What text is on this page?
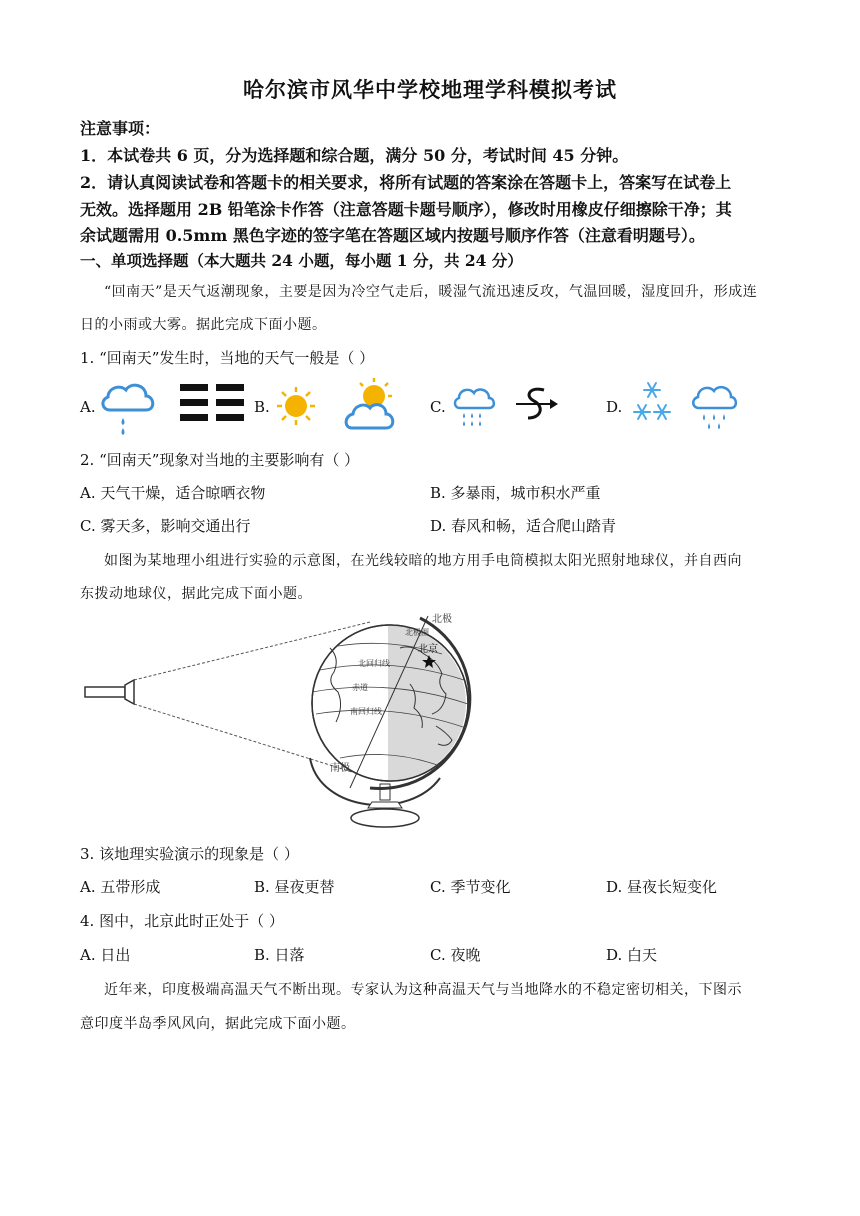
哈尔滨市风华中学校地理学科模拟考试
注意事项：
1．本试卷共 6 页，分为选择题和综合题，满分 50 分，考试时间 45 分钟。
2．请认真阅读试卷和答题卡的相关要求，将所有试题的答案涂在答题卡上，答案写在试卷上
无效。选择题用 2B 铅笔涂卡作答（注意答题卡题号顺序），修改时用橡皮仔细擦除干净；其
余试题需用 0.5mm 黑色字迹的签字笔在答题区域内按题号顺序作答（注意看明题号）。
一、单项选择题（本大题共 24 小题，每小题 1 分，共 24 分）
“回南天”是天气返潮现象，主要是因为冷空气走后，暖湿气流迅速反攻，气温回暖，湿度回升，形成连
日的小雨或大雾。据此完成下面小题。
1. “回南天”发生时，当地的天气一般是（ ）
A.	B.	C.	D.
2. “回南天”现象对当地的主要影响有（ ）
A. 天气干燥，适合晾晒衣物	B. 多暴雨，城市积水严重
C. 雾天多，影响交通出行	D. 春风和畅，适合爬山踏青
如图为某地理小组进行实验的示意图，在光线较暗的地方用手电筒模拟太阳光照射地球仪，并自西向
东拨动地球仪，据此完成下面小题。
北极
北极圈
北京
北回归线
赤道
南回归线
南极
3. 该地理实验演示的现象是（ ）
A. 五带形成	B. 昼夜更替	C. 季节变化	D. 昼夜长短变化
4. 图中，北京此时正处于（ ）
A. 日出	B. 日落	C. 夜晚	D. 白天
近年来，印度极端高温天气不断出现。专家认为这种高温天气与当地降水的不稳定密切相关，下图示
意印度半岛季风风向，据此完成下面小题。
